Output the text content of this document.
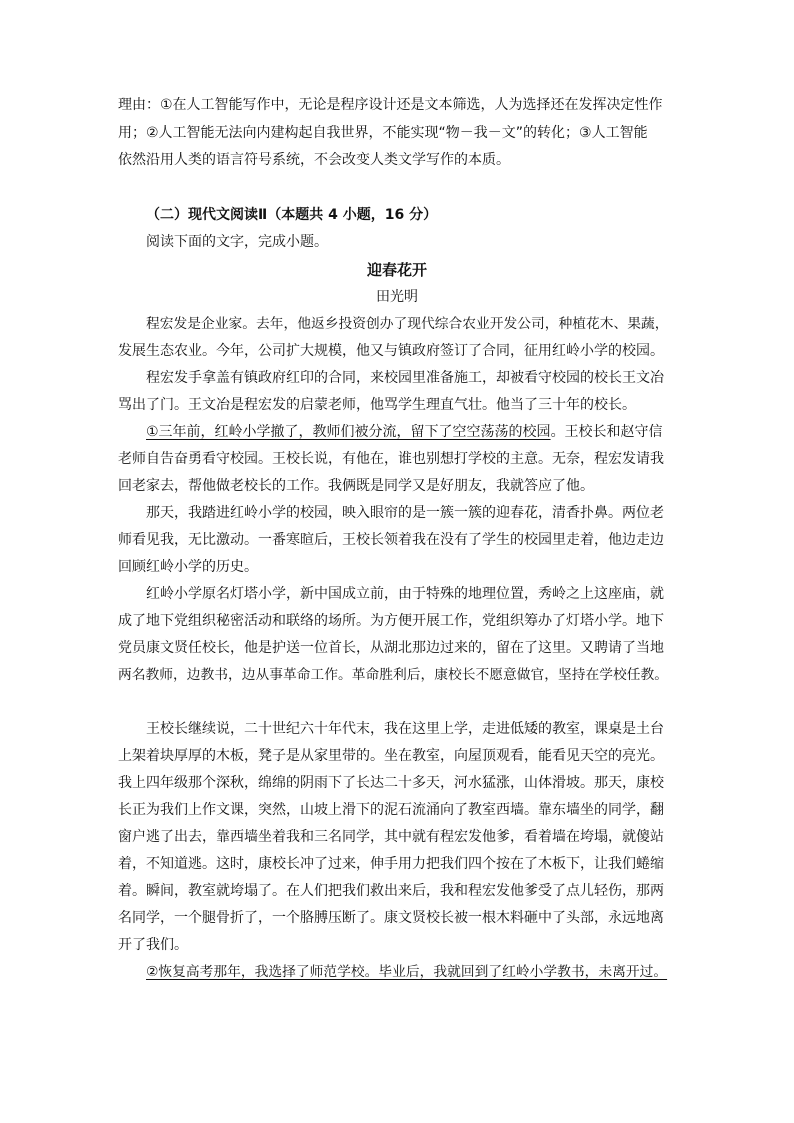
理由：①在人工智能写作中，无论是程序设计还是文本筛选，人为选择还在发挥决定性作
用；②人工智能无法向内建构起自我世界，不能实现“物－我－文”的转化；③人工智能
依然沿用人类的语言符号系统，不会改变人类文学写作的本质。
（二）现代文阅读Ⅱ（本题共 4 小题，16 分）
阅读下面的文字，完成小题。
迎春花开
田光明
程宏发是企业家。去年，他返乡投资创办了现代综合农业开发公司，种植花木、果蔬，
发展生态农业。今年，公司扩大规模，他又与镇政府签订了合同，征用红岭小学的校园。
程宏发手拿盖有镇政府红印的合同，来校园里准备施工，却被看守校园的校长王文冶
骂出了门。王文冶是程宏发的启蒙老师，他骂学生理直气壮。他当了三十年的校长。
①三年前，红岭小学撤了，教师们被分流，留下了空空荡荡的校园。王校长和赵守信
老师自告奋勇看守校园。王校长说，有他在，谁也别想打学校的主意。无奈，程宏发请我
回老家去，帮他做老校长的工作。我俩既是同学又是好朋友，我就答应了他。
那天，我踏进红岭小学的校园，映入眼帘的是一簇一簇的迎春花，清香扑鼻。两位老
师看见我，无比激动。一番寒暄后，王校长领着我在没有了学生的校园里走着，他边走边
回顾红岭小学的历史。
红岭小学原名灯塔小学，新中国成立前，由于特殊的地理位置，秀岭之上这座庙，就
成了地下党组织秘密活动和联络的场所。为方便开展工作，党组织筹办了灯塔小学。地下
党员康文贤任校长，他是护送一位首长，从湖北那边过来的，留在了这里。又聘请了当地
两名教师，边教书，边从事革命工作。革命胜利后，康校长不愿意做官，坚持在学校任教。
王校长继续说，二十世纪六十年代末，我在这里上学，走进低矮的教室，课桌是土台
上架着块厚厚的木板，凳子是从家里带的。坐在教室，向屋顶观看，能看见天空的亮光。
我上四年级那个深秋，绵绵的阴雨下了长达二十多天，河水猛涨，山体滑坡。那天，康校
长正为我们上作文课，突然，山坡上滑下的泥石流涌向了教室西墙。靠东墙坐的同学，翻
窗户逃了出去，靠西墙坐着我和三名同学，其中就有程宏发他爹，看着墙在垮塌，就傻站
着，不知道逃。这时，康校长冲了过来，伸手用力把我们四个按在了木板下，让我们蜷缩
着。瞬间，教室就垮塌了。在人们把我们救出来后，我和程宏发他爹受了点儿轻伤，那两
名同学，一个腿骨折了，一个胳膊压断了。康文贤校长被一根木料砸中了头部，永远地离
开了我们。
②恢复高考那年，我选择了师范学校。毕业后，我就回到了红岭小学教书，未离开过。
